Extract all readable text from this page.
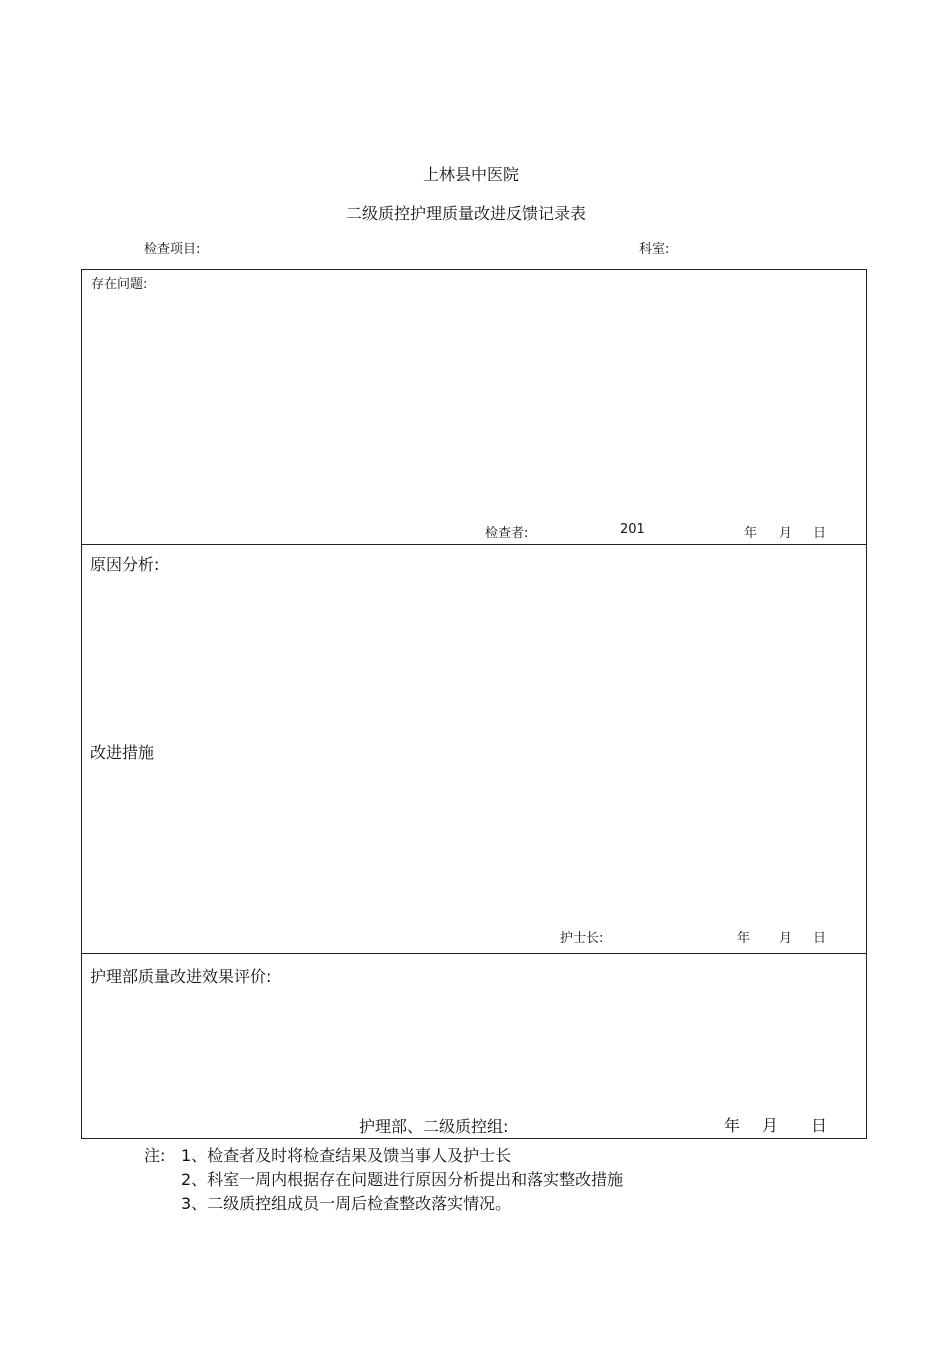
上林县中医院
二级质控护理质量改进反馈记录表
检查项目:	科室:
存在问题:
检查者:	201	年 月 日
原因分析:
改进措施
护士长:	年 月 日
护理部质量改进效果评价:
护理部、二级质控组:	年 月 日
注: 1、检查者及时将检查结果及馈当事人及护士长
2、科室一周内根据存在问题进行原因分析提出和落实整改措施
3、二级质控组成员一周后检查整改落实情况。
